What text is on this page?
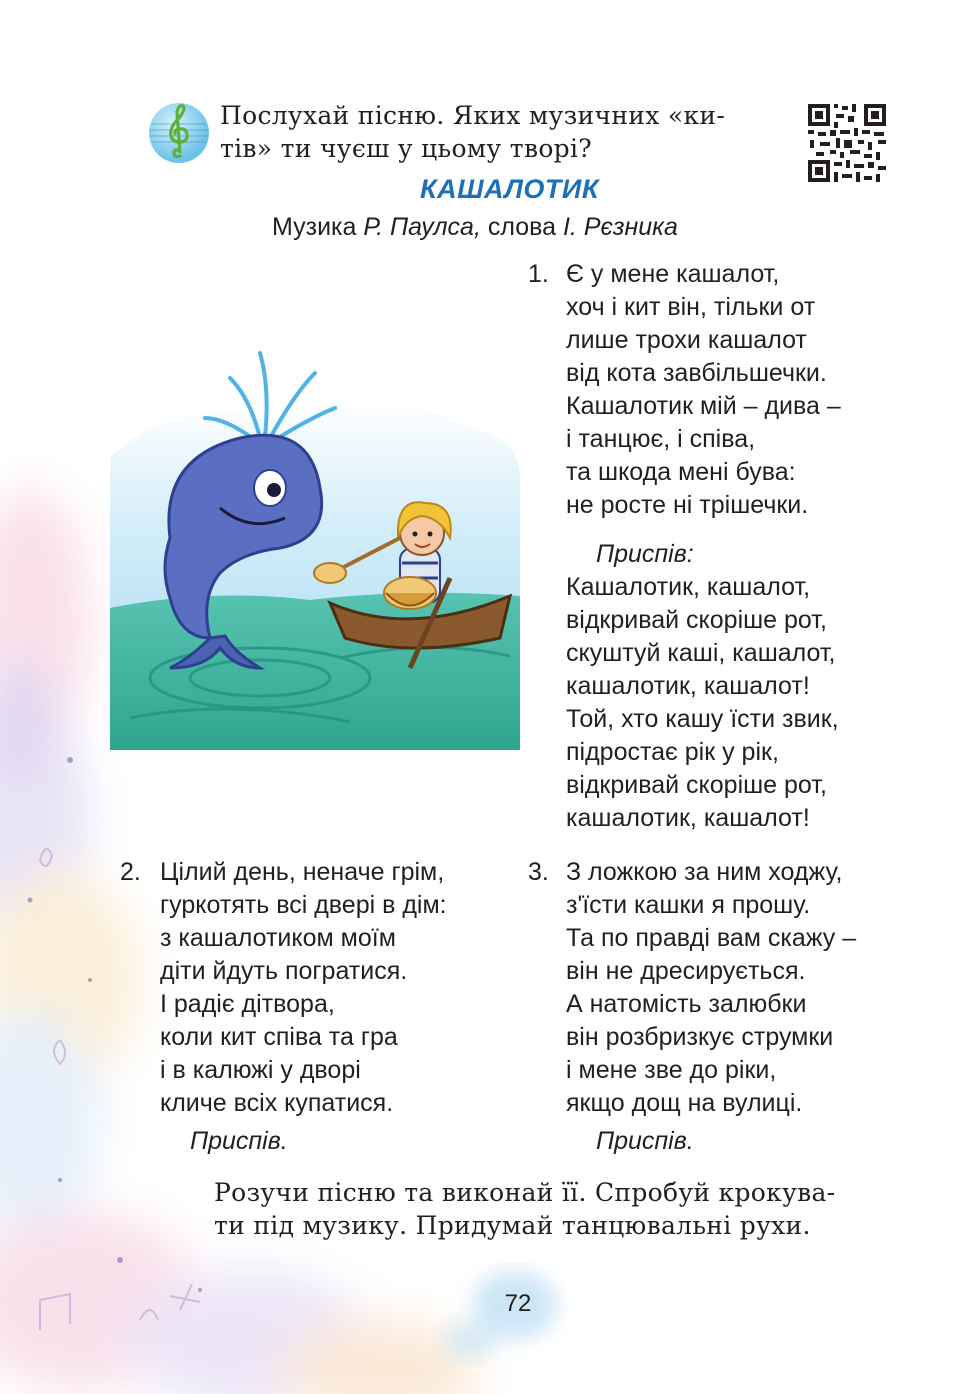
Послухай пісню. Яких музичних «ки-
тів» ти чуєш у цьому творі?

КАШАЛОТИК

Музика Р. Паулса, слова І. Рєзника

1. Є у мене кашалот,
хоч і кит він, тільки от
лише трохи кашалот
від кота завбільшечки.
Кашалотик мій – дива –
і танцює, і співа,
та шкода мені бува:
не росте ні трішечки.

Приспів:

Кашалотик, кашалот,
відкривай скоріше рот,
скуштуй каші, кашалот,
кашалотик, кашалот!
Той, хто кашу їсти звик,
підростає рік у рік,
відкривай скоріше рот,
кашалотик, кашалот!

2. Цілий день, неначе грім,
гуркотять всі двері в дім:
з кашалотиком моїм
діти йдуть погратися.
І радіє дітвора,
коли кит співа та гра
і в калюжі у дворі
кличе всіх купатися.

Приспів.
3. З ложкою за ним ходжу,
з'їсти кашки я прошу.
Та по правді вам скажу –
він не дресирується.
А натомість залюбки
він розбризкує струмки
і мене зве до ріки,
якщо дощ на вулиці.

Приспів.

Розучи пісню та виконай її. Спробуй крокува-
ти під музику. Придумай танцювальні рухи.

72
